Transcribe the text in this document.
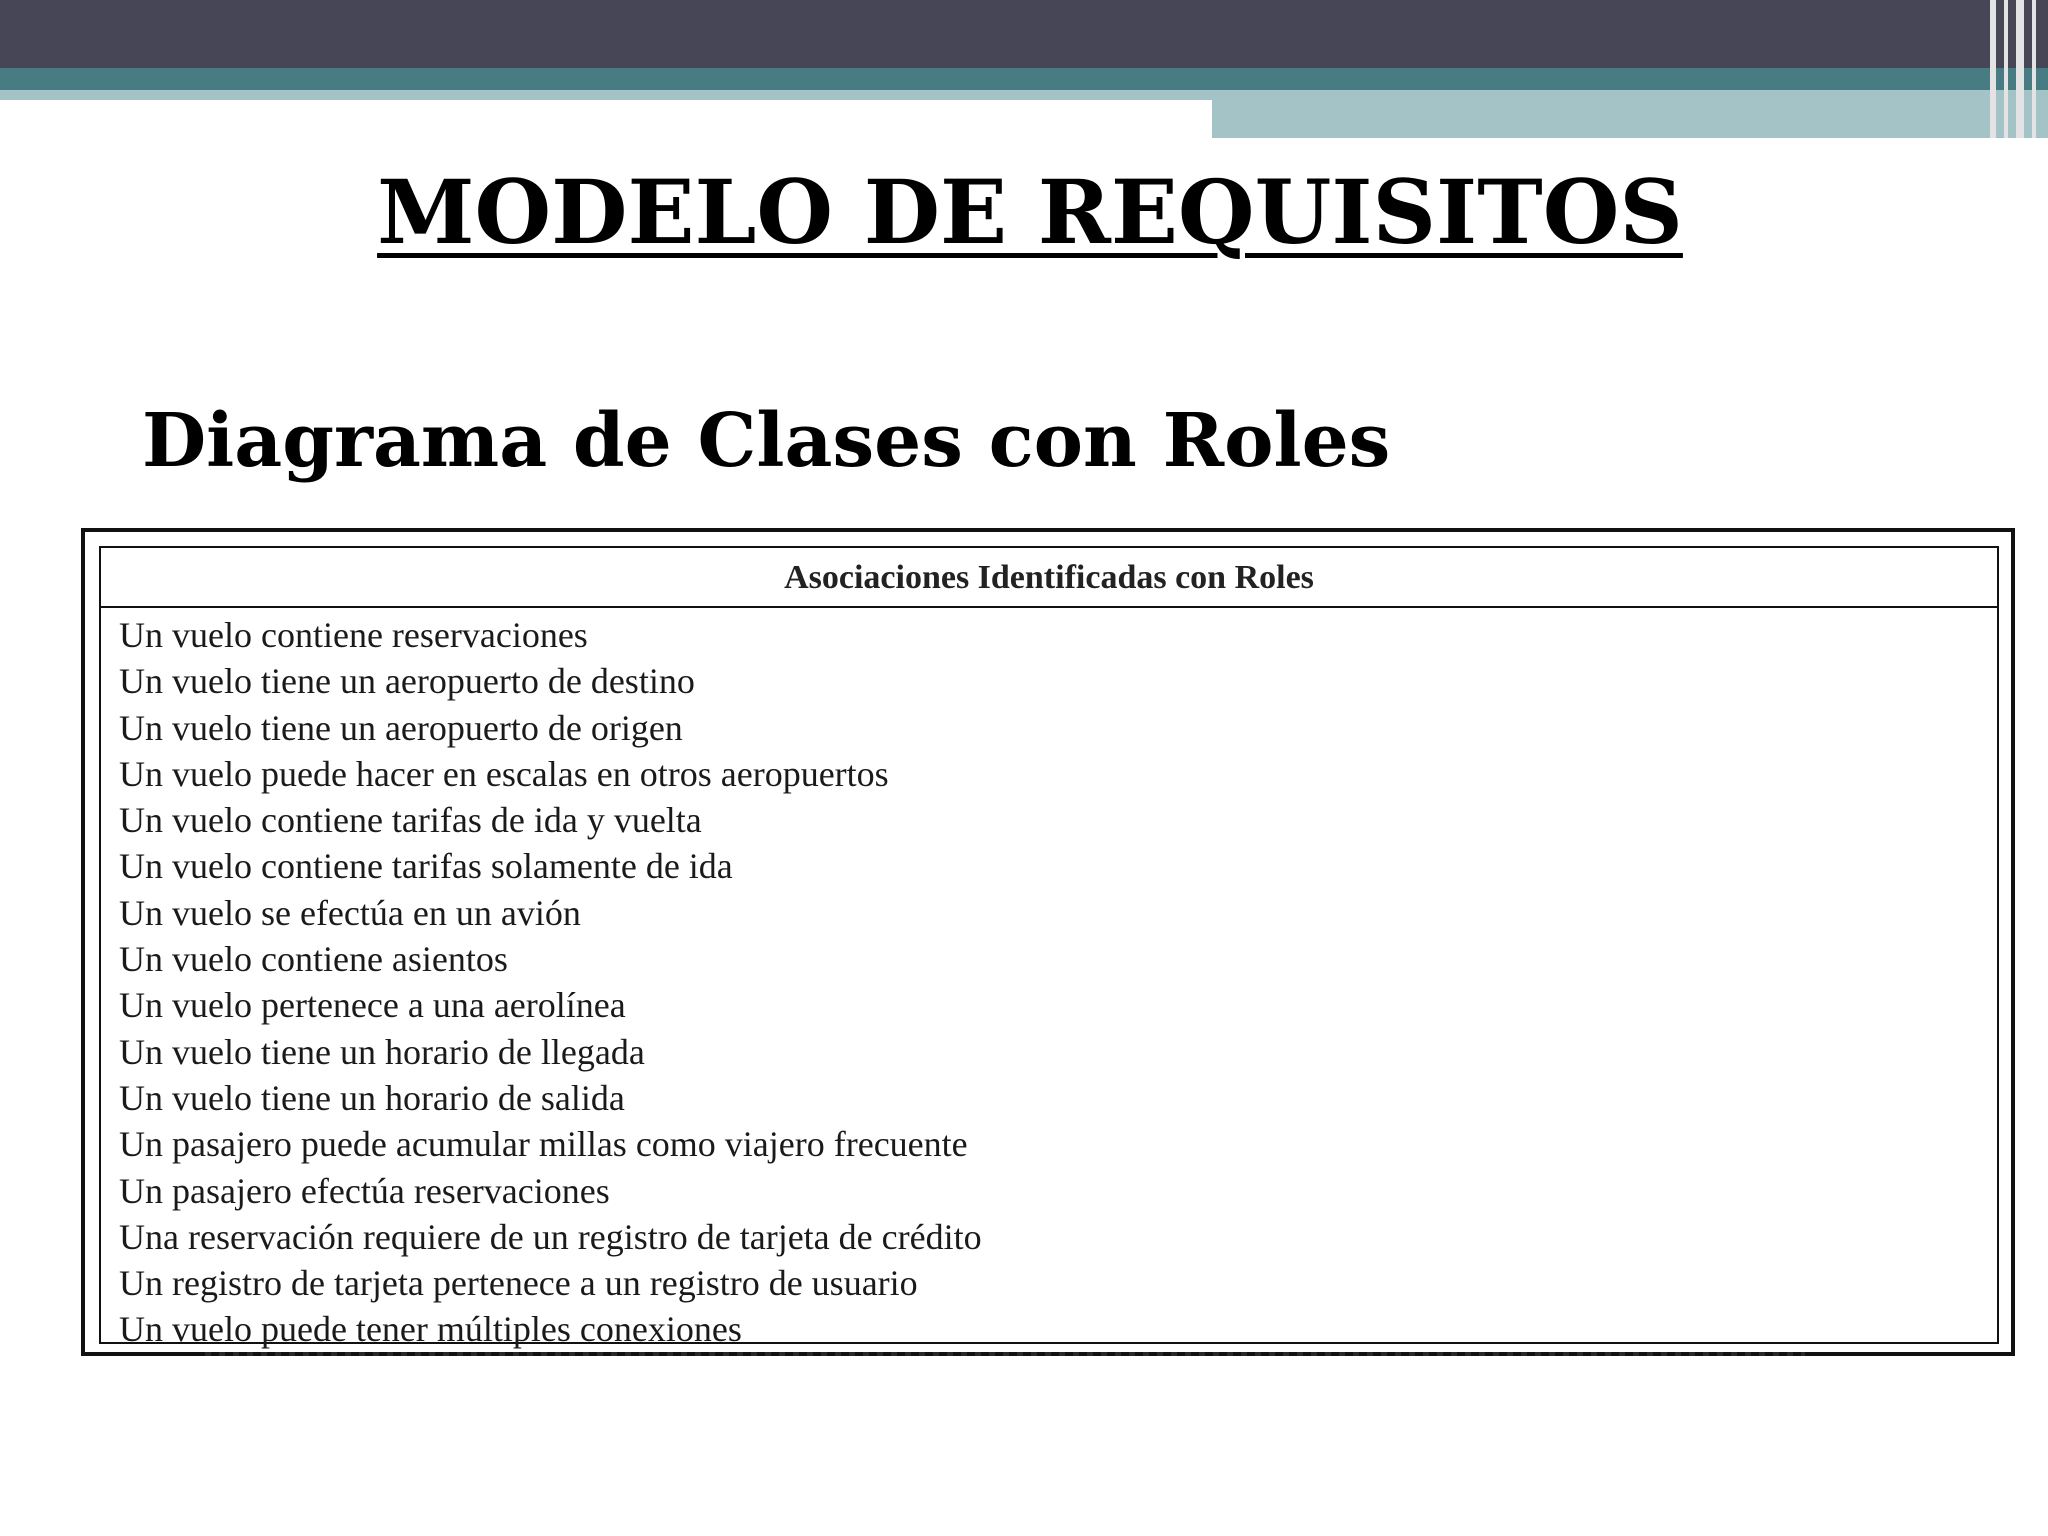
MODELO DE REQUISITOS
Diagrama de Clases con Roles
Asociaciones Identificadas con Roles
Un vuelo contiene reservaciones
Un vuelo tiene un aeropuerto de destino
Un vuelo tiene un aeropuerto de origen
Un vuelo puede hacer en escalas en otros aeropuertos
Un vuelo contiene tarifas de ida y vuelta
Un vuelo contiene tarifas solamente de ida
Un vuelo se efectúa en un avión
Un vuelo contiene asientos
Un vuelo pertenece a una aerolínea
Un vuelo tiene un horario de llegada
Un vuelo tiene un horario de salida
Un pasajero puede acumular millas como viajero frecuente
Un pasajero efectúa reservaciones
Una reservación requiere de un registro de tarjeta de crédito
Un registro de tarjeta pertenece a un registro de usuario
Un vuelo puede tener múltiples conexiones
